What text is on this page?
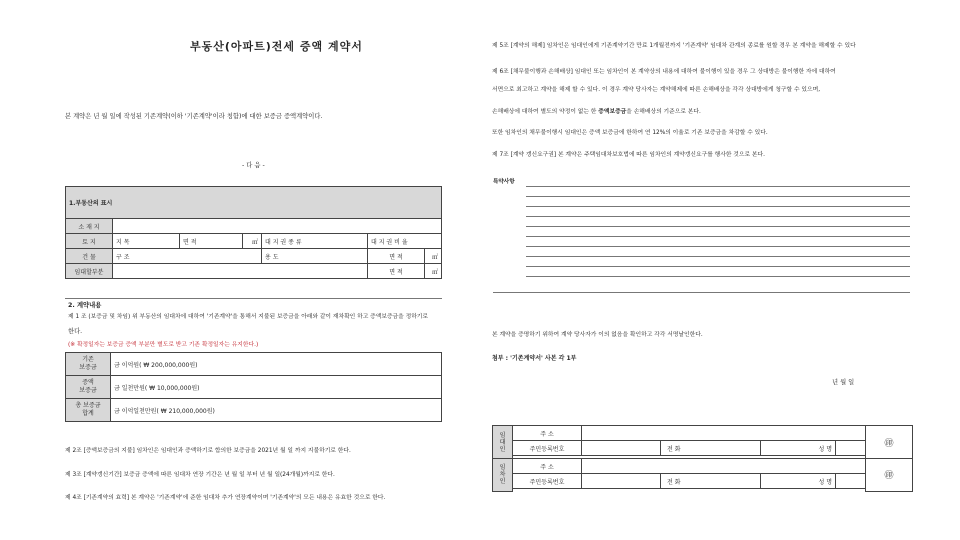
부동산(아파트)전세 증액 계약서
본 계약은 년 월 일에 작성된 기존계약(이하 '기존계약'이라 칭함)에 대한 보증금 증액계약이다.
- 다 음 -
1.부동산의 표시						
소 재 지						
토 지	지 목	면 적	㎡	대 지 권 종 류	대 지 권 비 율	
건 물	구 조			용 도	면 적	㎡
임대할부분					면 적	㎡
2. 계약내용
제 1 조 (보증금 및 차임) 위 부동산의 임대차에 대하여 '기존계약'을 통해서 지불된 보증금을 아래와 같이 재차확인 하고 증액보증금을 정하기로
한다.
(※ 확정일자는 보증금 증액 부분만 별도로 받고 기존 확정일자는 유지한다.)
기존
보증금	금 이억원( ₩ 200,000,000원)
증액
보증금	금 일천만원( ₩ 10,000,000원)
총 보증금
합계	금 이억일천만원( ₩ 210,000,000원)
제 2조 [증액보증금의 지불] 임차인은 임대인과 증액하기로 합의한 보증금을 2021년 월 일 까지 지불하기로 한다.
제 3조 [계약갱신기간] 보증금 증액에 따른 임대차 연장 기간은 년 월 일 부터 년 월 일(24개월)까지로 한다.
제 4조 [기존계약의 효력] 본 계약은 '기존계약'에 준한 임대차 추가 연장계약이며 '기존계약'의 모든 내용은 유효한 것으로 한다.
제 5조 [계약의 해제] 임차인은 임대인에게 기존계약기간 만료 1개월전까지 '기존계약' 임대차 관계의 종료를 원할 경우 본 계약을 해제할 수 있다
제 6조 [채무불이행과 손해배상] 임대인 또는 임차인이 본 계약상의 내용에 대하여 불이행이 있을 경우 그 상대방은 불이행한 자에 대하여
서면으로 최고하고 계약을 해제 할 수 있다. 이 경우 계약 당사자는 계약해제에 따른 손해배상을 각각 상대방에게 청구할 수 있으며,
손해배상에 대하여 별도의 약정이 없는 한 증액보증금을 손해배상의 기준으로 본다.
또한 임차인의 채무불이행시 임대인은 증액 보증금에 한하여 연 12%의 이율로 기존 보증금을 차감할 수 있다.
제 7조 [계약 갱신요구권] 본 계약은 주택임대차보호법에 따른 임차인의 계약갱신요구를 행사한 것으로 본다.
특약사항
본 계약을 증명하기 위하여 계약 당사자가 이의 없음을 확인하고 각각 서명날인한다.
첨부 : '기존계약서' 사본 각 1부
년 월 일
임
대
인	주 소					㊞
	주민등록번호		전 화	성 명		

임
차
인	주 소					㊞
	주민등록번호		전 화	성 명		
